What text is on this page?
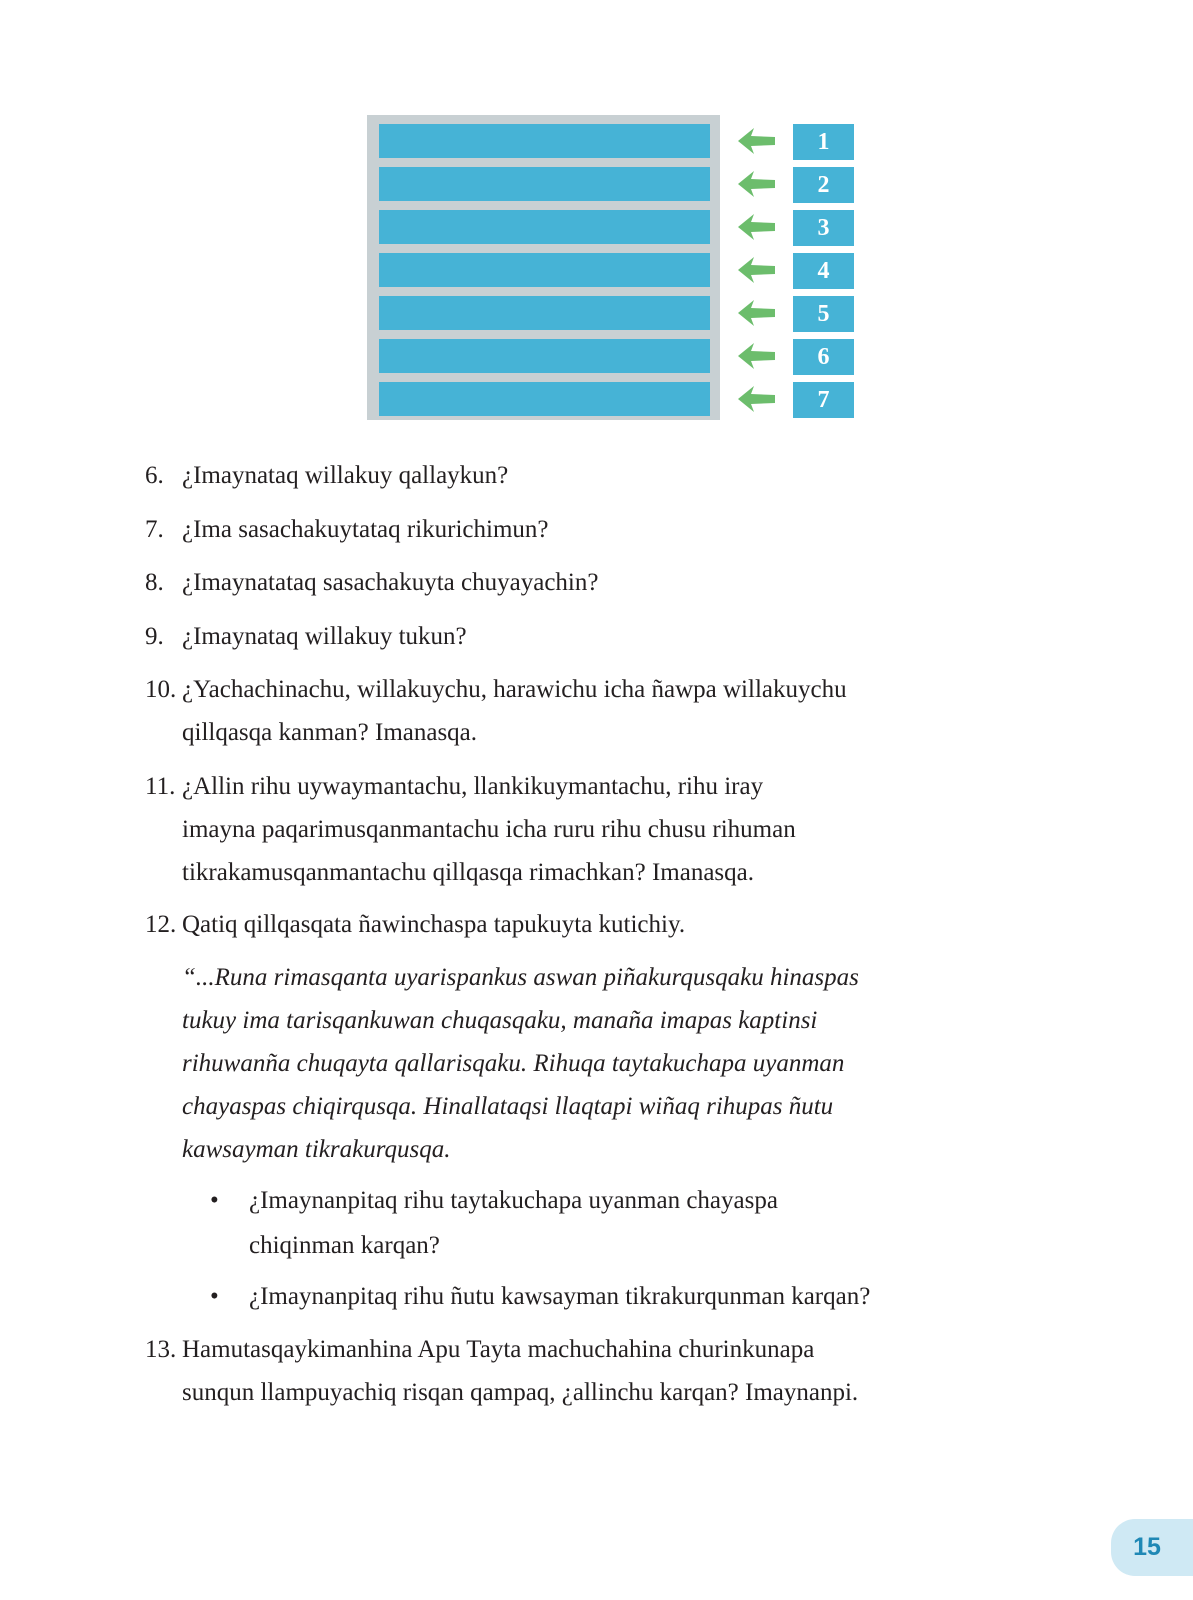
1
2
3
4
5
6
7
6. ¿Imaynataq willakuy qallaykun?
7. ¿Ima sasachakuytataq rikurichimun?
8. ¿Imaynatataq sasachakuyta chuyayachin?
9. ¿Imaynataq willakuy tukun?
10. ¿Yachachinachu, willakuychu, harawichu icha ñawpa willakuychu
qillqasqa kanman? Imanasqa.
11. ¿Allin rihu uywaymantachu, llankikuymantachu, rihu iray
imayna paqarimusqanmantachu icha ruru rihu chusu rihuman
tikrakamusqanmantachu qillqasqa rimachkan? Imanasqa.
12. Qatiq qillqasqata ñawinchaspa tapukuyta kutichiy.
“...Runa rimasqanta uyarispankus aswan piñakurqusqaku hinaspas
tukuy ima tarisqankuwan chuqasqaku, manaña imapas kaptinsi
rihuwanña chuqayta qallarisqaku. Rihuqa taytakuchapa uyanman
chayaspas chiqirqusqa. Hinallataqsi llaqtapi wiñaq rihupas ñutu
kawsayman tikrakurqusqa.
•	¿Imaynanpitaq rihu taytakuchapa uyanman chayaspa
chiqinman karqan?
•	¿Imaynanpitaq rihu ñutu kawsayman tikrakurqunman karqan?
13. Hamutasqaykimanhina Apu Tayta machuchahina churinkunapa
sunqun llampuyachiq risqan qampaq, ¿allinchu karqan? Imaynanpi.
15
